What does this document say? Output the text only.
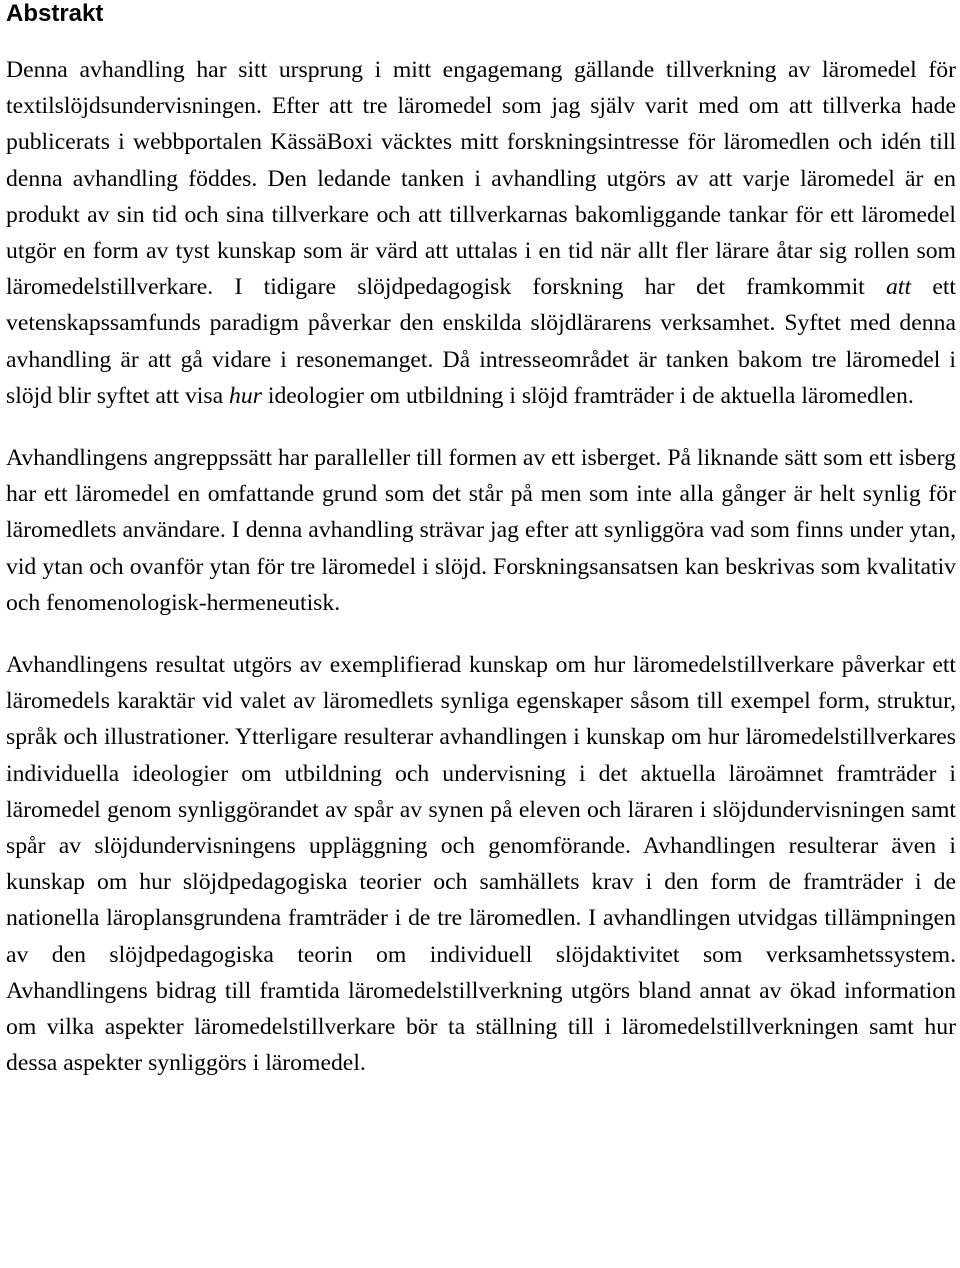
Abstrakt

Denna avhandling har sitt ursprung i mitt engagemang gällande tillverkning av läromedel för textilslöjdsundervisningen. Efter att tre läromedel som jag själv varit med om att tillverka hade publicerats i webbportalen KässäBoxi väcktes mitt forskningsintresse för läromedlen och idén till denna avhandling föddes. Den ledande tanken i avhandling utgörs av att varje läromedel är en produkt av sin tid och sina tillverkare och att tillverkarnas bakomliggande tankar för ett läromedel utgör en form av tyst kunskap som är värd att uttalas i en tid när allt fler lärare åtar sig rollen som läromedelstillverkare. I tidigare slöjdpedagogisk forskning har det framkommit att ett vetenskapssamfunds paradigm påverkar den enskilda slöjdlärarens verksamhet. Syftet med denna avhandling är att gå vidare i resonemanget. Då intresseområdet är tanken bakom tre läromedel i slöjd blir syftet att visa hur ideologier om utbildning i slöjd framträder i de aktuella läromedlen.

Avhandlingens angreppssätt har paralleller till formen av ett isberget. På liknande sätt som ett isberg har ett läromedel en omfattande grund som det står på men som inte alla gånger är helt synlig för läromedlets användare. I denna avhandling strävar jag efter att synliggöra vad som finns under ytan, vid ytan och ovanför ytan för tre läromedel i slöjd. Forskningsansatsen kan beskrivas som kvalitativ och fenomenologisk-hermeneutisk.

Avhandlingens resultat utgörs av exemplifierad kunskap om hur läromedelstillverkare påverkar ett läromedels karaktär vid valet av läromedlets synliga egenskaper såsom till exempel form, struktur, språk och illustrationer. Ytterligare resulterar avhandlingen i kunskap om hur läromedelstillverkares individuella ideologier om utbildning och undervisning i det aktuella läroämnet framträder i läromedel genom synliggörandet av spår av synen på eleven och läraren i slöjdundervisningen samt spår av slöjdundervisningens uppläggning och genomförande. Avhandlingen resulterar även i kunskap om hur slöjdpedagogiska teorier och samhällets krav i den form de framträder i de nationella läroplansgrundena framträder i de tre läromedlen. I avhandlingen utvidgas tillämpningen av den slöjdpedagogiska teorin om individuell slöjdaktivitet som verksamhetssystem. Avhandlingens bidrag till framtida läromedelstillverkning utgörs bland annat av ökad information om vilka aspekter läromedelstillverkare bör ta ställning till i läromedelstillverkningen samt hur dessa aspekter synliggörs i läromedel.
